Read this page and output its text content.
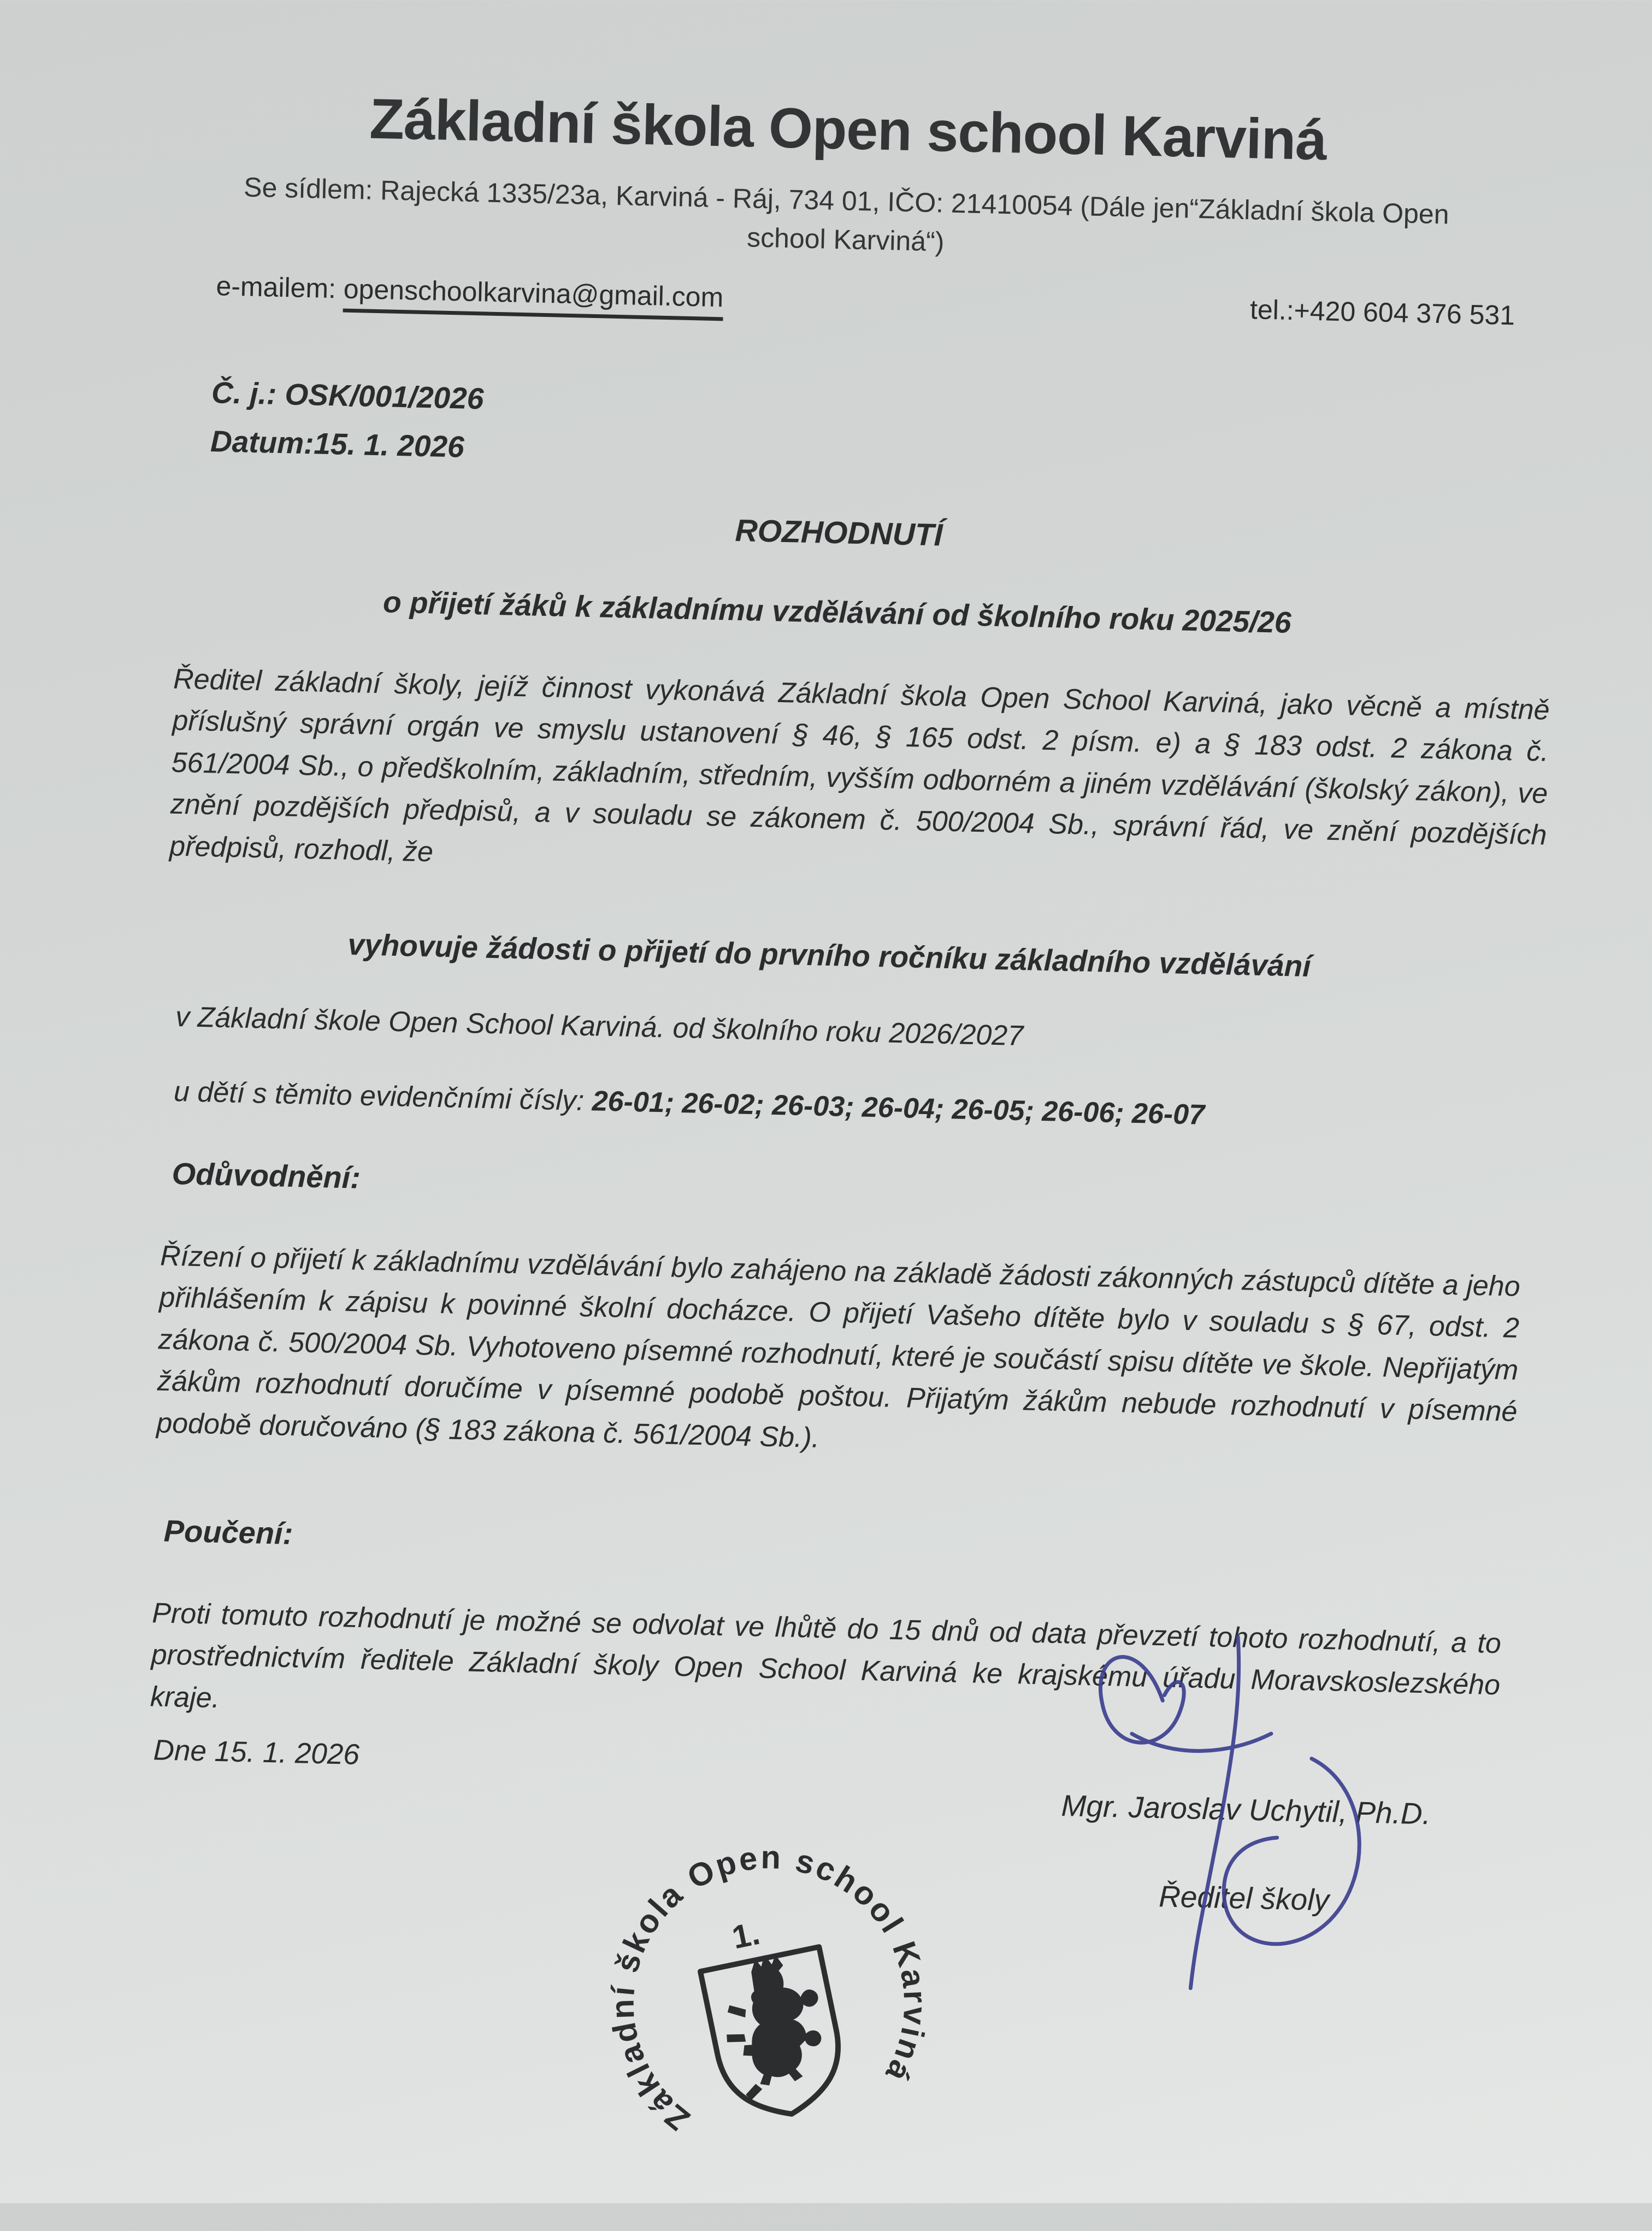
Základní škola Open school Karviná
Se sídlem: Rajecká 1335/23a, Karviná - Ráj, 734 01, IČO: 21410054 (Dále jen“Základní škola Open school Karviná“)
e-mailem: openschoolkarvina@gmail.com	tel.:+420 604 376 531
Č. j.: OSK/001/2026
Datum:15. 1. 2026
ROZHODNUTÍ
o přijetí žáků k základnímu vzdělávání od školního roku 2025/26
Ředitel základní školy, jejíž činnost vykonává Základní škola Open School Karviná, jako věcně a místně příslušný správní orgán ve smyslu ustanovení § 46, § 165 odst. 2 písm. e) a § 183 odst. 2 zákona č. 561/2004 Sb., o předškolním, základním, středním, vyšším odborném a jiném vzdělávání (školský zákon), ve znění pozdějších předpisů, a v souladu se zákonem č. 500/2004 Sb., správní řád, ve znění pozdějších předpisů, rozhodl, že
vyhovuje žádosti o přijetí do prvního ročníku základního vzdělávání
v Základní škole Open School Karviná. od školního roku 2026/2027
u dětí s těmito evidenčními čísly: 26-01; 26-02; 26-03; 26-04; 26-05; 26-06; 26-07
Odůvodnění:
Řízení o přijetí k základnímu vzdělávání bylo zahájeno na základě žádosti zákonných zástupců dítěte a jeho přihlášením k zápisu k povinné školní docházce. O přijetí Vašeho dítěte bylo v souladu s § 67, odst. 2 zákona č. 500/2004 Sb. Vyhotoveno písemné rozhodnutí, které je součástí spisu dítěte ve škole. Nepřijatým žákům rozhodnutí doručíme v písemné podobě poštou. Přijatým žákům nebude rozhodnutí v písemné podobě doručováno (§ 183 zákona č. 561/2004 Sb.).
Poučení:
Proti tomuto rozhodnutí je možné se odvolat ve lhůtě do 15 dnů od data převzetí tohoto rozhodnutí, a to prostřednictvím ředitele Základní školy Open School Karviná ke krajskému úřadu Moravskoslezského kraje.
Dne 15. 1. 2026
Mgr. Jaroslav Uchytil, Ph.D.
Ředitel školy
Základní škola Open school Karviná
1.
